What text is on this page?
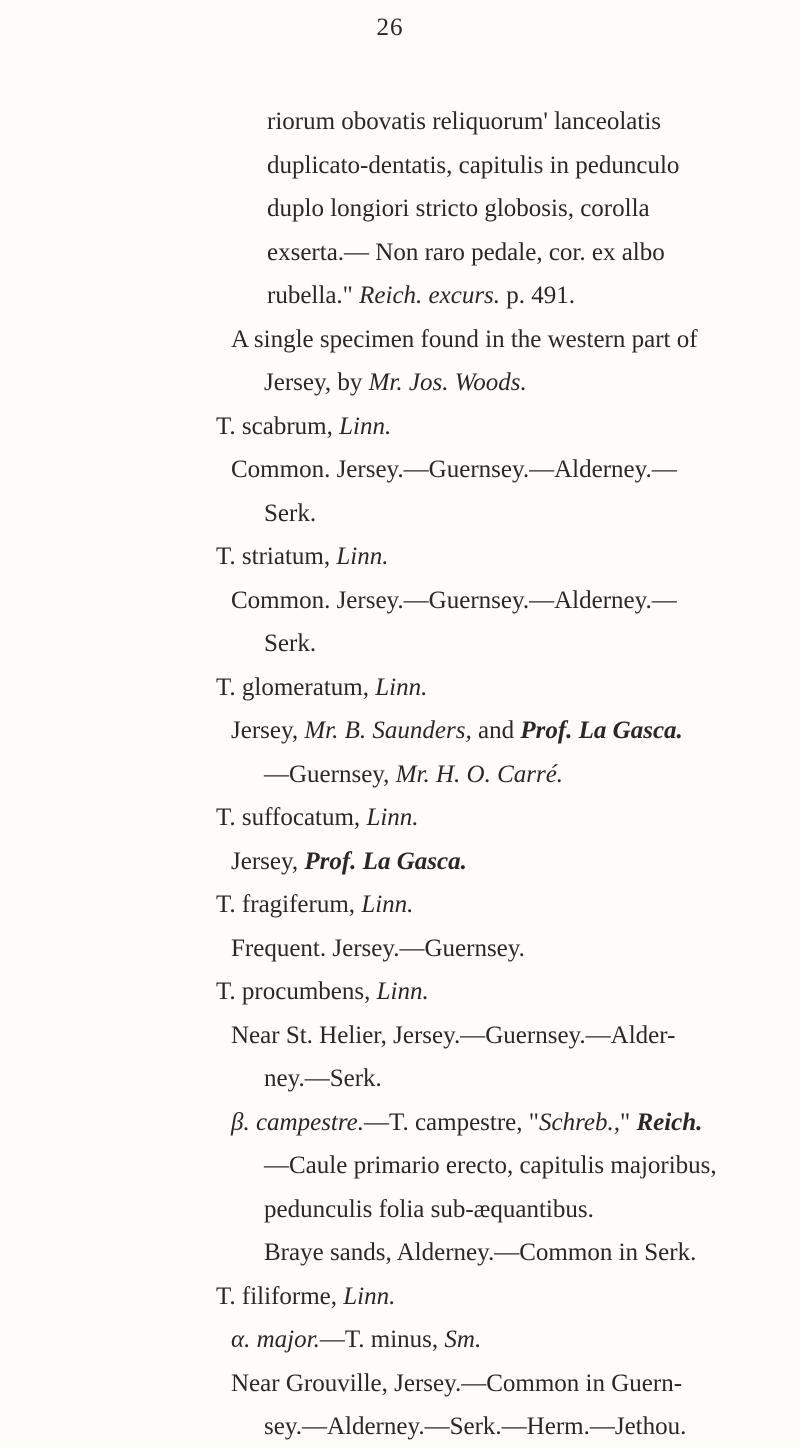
26
riorum obovatis reliquorum' lanceolatis
duplicato-dentatis, capitulis in pedunculo
duplo longiori stricto globosis, corolla
exserta.— Non raro pedale, cor. ex albo
rubella." Reich. excurs. p. 491.
A single specimen found in the western part of
Jersey, by Mr. Jos. Woods.
T. scabrum, Linn.
Common. Jersey.—Guernsey.—Alderney.—
Serk.
T. striatum, Linn.
Common. Jersey.—Guernsey.—Alderney.—
Serk.
T. glomeratum, Linn.
Jersey, Mr. B. Saunders, and Prof. La Gasca.
—Guernsey, Mr. H. O. Carré.
T. suffocatum, Linn.
Jersey, Prof. La Gasca.
T. fragiferum, Linn.
Frequent. Jersey.—Guernsey.
T. procumbens, Linn.
Near St. Helier, Jersey.—Guernsey.—Alder-
ney.—Serk.
β. campestre.—T. campestre, "Schreb.," Reich.
—Caule primario erecto, capitulis majoribus,
pedunculis folia sub-æquantibus.
Braye sands, Alderney.—Common in Serk.
T. filiforme, Linn.
α. major.—T. minus, Sm.
Near Grouville, Jersey.—Common in Guern-
sey.—Alderney.—Serk.—Herm.—Jethou.
